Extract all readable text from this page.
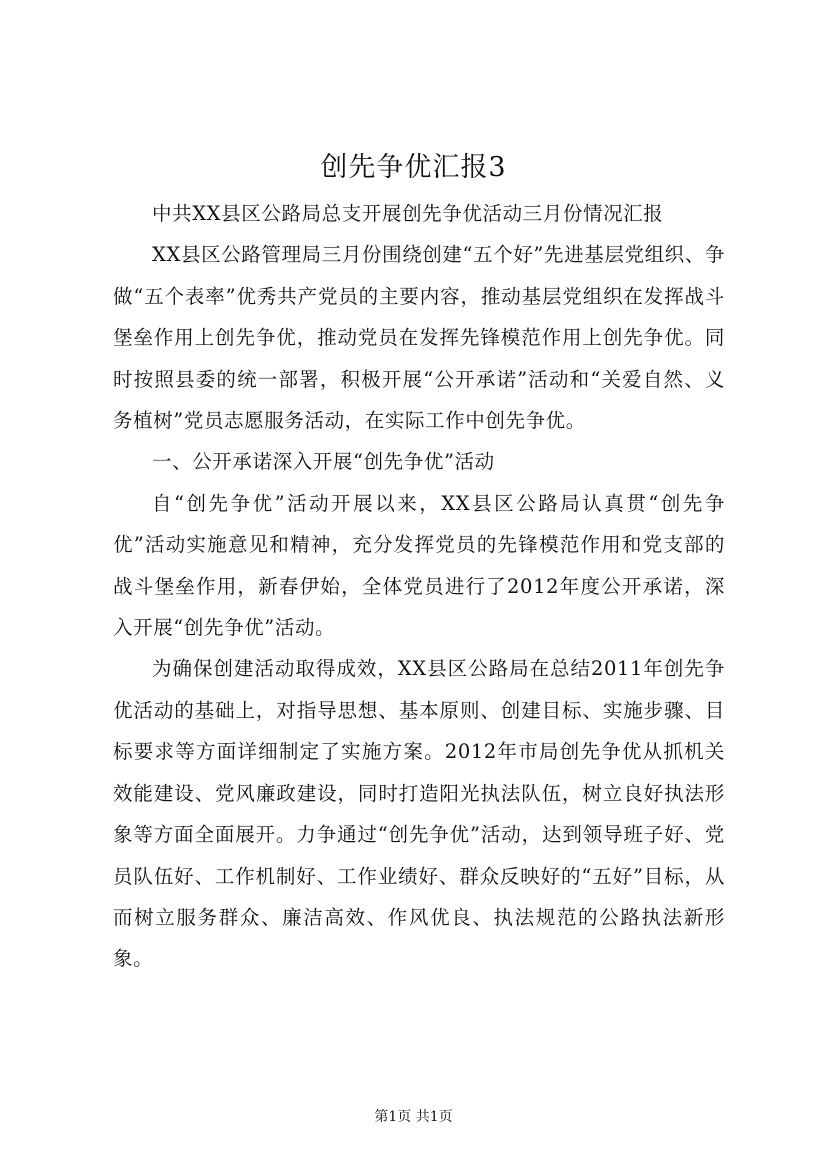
创先争优汇报3

中共XX县区公路局总支开展创先争优活动三月份情况汇报

XX县区公路管理局三月份围绕创建“五个好”先进基层党组织、争做“五个表率”优秀共产党员的主要内容，推动基层党组织在发挥战斗堡垒作用上创先争优，推动党员在发挥先锋模范作用上创先争优。同时按照县委的统一部署，积极开展“公开承诺”活动和“关爱自然、义务植树”党员志愿服务活动，在实际工作中创先争优。

一、公开承诺深入开展“创先争优”活动

自“创先争优”活动开展以来，XX县区公路局认真贯“创先争优”活动实施意见和精神，充分发挥党员的先锋模范作用和党支部的战斗堡垒作用，新春伊始，全体党员进行了2012年度公开承诺，深入开展“创先争优”活动。

为确保创建活动取得成效，XX县区公路局在总结2011年创先争优活动的基础上，对指导思想、基本原则、创建目标、实施步骤、目标要求等方面详细制定了实施方案。2012年市局创先争优从抓机关效能建设、党风廉政建设，同时打造阳光执法队伍，树立良好执法形象等方面全面展开。力争通过“创先争优”活动，达到领导班子好、党员队伍好、工作机制好、工作业绩好、群众反映好的“五好”目标，从而树立服务群众、廉洁高效、作风优良、执法规范的公路执法新形象。

第1页 共1页
